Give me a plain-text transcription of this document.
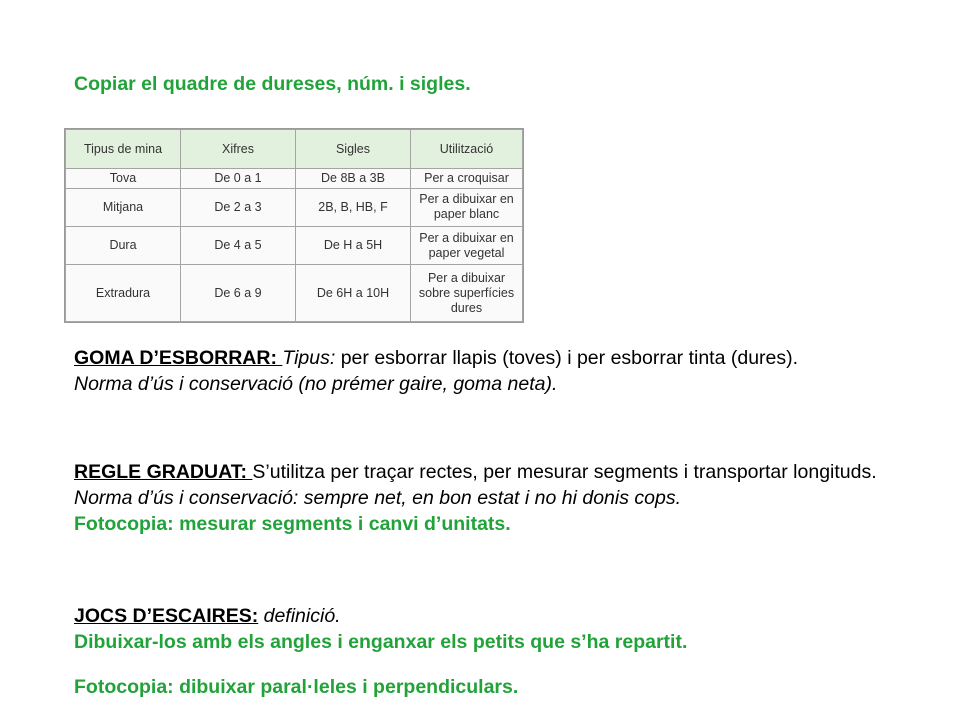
Copiar el quadre de dureses, núm. i sigles.
Tipus de mina	Xifres	Sigles	Utilització
Tova	De 0 a 1	De 8B a 3B	Per a croquisar
Mitjana	De 2 a 3	2B, B, HB, F	Per a dibuixar en paper blanc
Dura	De 4 a 5	De H a 5H	Per a dibuixar en paper vegetal
Extradura	De 6 a 9	De 6H a 10H	Per a dibuixar sobre superfícies dures
GOMA D’ESBORRAR: Tipus: per esborrar llapis (toves) i per esborrar tinta (dures).
Norma d’ús i conservació (no prémer gaire, goma neta).
REGLE GRADUAT: S’utilitza per traçar rectes, per mesurar segments i transportar longituds.
Norma d’ús i conservació: sempre net, en bon estat i no hi donis cops.
Fotocopia: mesurar segments i canvi d’unitats.
JOCS D’ESCAIRES: definició.
Dibuixar-los amb els angles i enganxar els petits que s’ha repartit.
Fotocopia: dibuixar paral·leles i perpendiculars.
